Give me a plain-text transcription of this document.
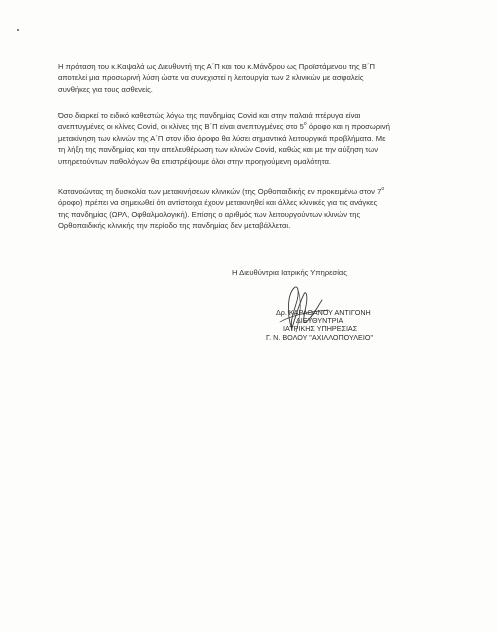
Η πρόταση του κ.Καψαλά ως Διευθυντή της Α΄Π και του κ.Μάνδρου ως Προϊστάμενου της Β΄Π
αποτελεί μια προσωρινή λύση ώστε να συνεχιστεί η λειτουργία των 2 κλινικών με ασφαλείς
συνθήκες για τους ασθενείς.

Όσο διαρκεί το ειδικό καθεστώς λόγω της πανδημίας Covid και στην παλαιά πτέρυγα είναι
ανεπτυγμένες οι κλίνες Covid, οι κλίνες της Β΄Π είναι ανεπτυγμένες στο $5^o$ όροφο και η προσωρινή
μετακίνηση των κλινών της Α΄Π στον ίδιο όροφο θα λύσει σημαντικά λειτουργικά προβλήματα. Με
τη λήξη της πανδημίας και την απελευθέρωση των κλινών Covid, καθώς και με την αύξηση των
υπηρετούντων παθολόγων θα επιστρέψουμε όλοι στην προηγούμενη ομαλότητα.

Κατανοώντας τη δυσκολία των μετακινήσεων κλινικών (της Ορθοπαιδικής εν προκειμένω στον $7^o$
όροφο) πρέπει να σημειωθεί ότι αντίστοιχα έχουν μετακινηθεί και άλλες κλινικές για τις ανάγκες
της πανδημίας (ΩΡΛ, Οφθαλμολογική). Επίσης ο αριθμός των λειτουργούντων κλινών της
Ορθοπαιδικής κλινικής την περίοδο της πανδημίας δεν μεταβάλλεται.

Η Διευθύντρια Ιατρικής Υπηρεσίας
Δρ. ΚΑΡΑΘΑΝΟΥ ΑΝΤΙΓΟΝΗ
ΔΙΕΥΘΥΝΤΡΙΑ
ΙΑΤΡΙΚΗΣ ΥΠΗΡΕΣΙΑΣ
Γ. Ν. ΒΟΛΟΥ "ΑΧΙΛΛΟΠΟΥΛΕΙΟ"
